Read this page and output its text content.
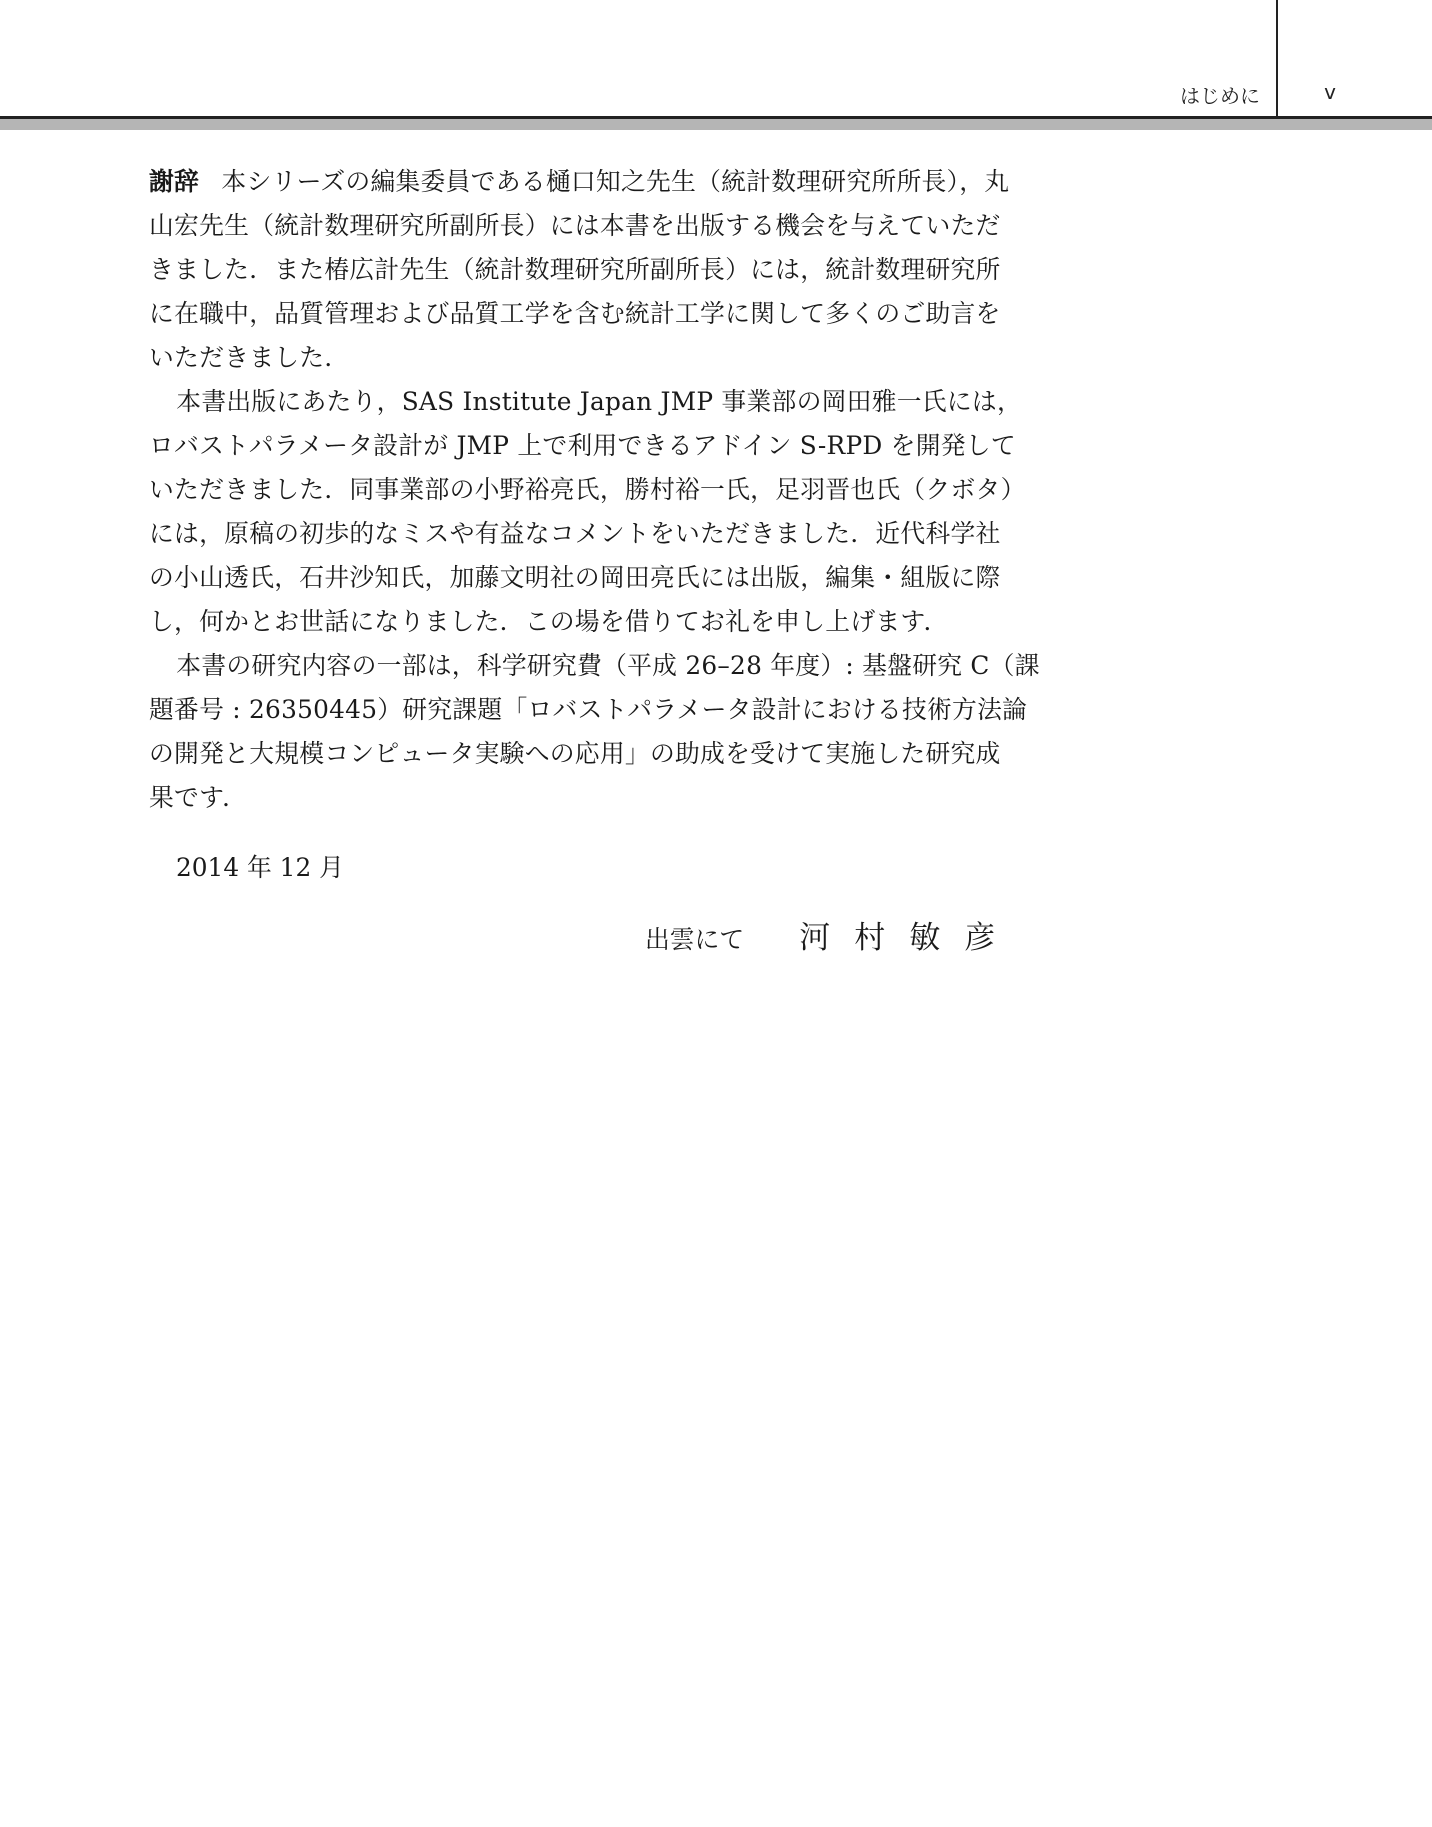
はじめに	v

謝辞 本シリーズの編集委員である樋口知之先生（統計数理研究所所長），丸
山宏先生（統計数理研究所副所長）には本書を出版する機会を与えていただ
きました．また椿広計先生（統計数理研究所副所長）には，統計数理研究所
に在職中，品質管理および品質工学を含む統計工学に関して多くのご助言を
いただきました．

本書出版にあたり，SAS Institute Japan JMP 事業部の岡田雅一氏には，
ロバストパラメータ設計が JMP 上で利用できるアドイン S-RPD を開発して
いただきました．同事業部の小野裕亮氏，勝村裕一氏，足羽晋也氏（クボタ）
には，原稿の初歩的なミスや有益なコメントをいただきました．近代科学社
の小山透氏，石井沙知氏，加藤文明社の岡田亮氏には出版，編集・組版に際
し，何かとお世話になりました．この場を借りてお礼を申し上げます．

本書の研究内容の一部は，科学研究費（平成 26–28 年度）: 基盤研究 C（課
題番号 : 26350445）研究課題「ロバストパラメータ設計における技術方法論
の開発と大規模コンピュータ実験への応用」の助成を受けて実施した研究成
果です．

2014 年 12 月
出雲にて 河村敏彦
